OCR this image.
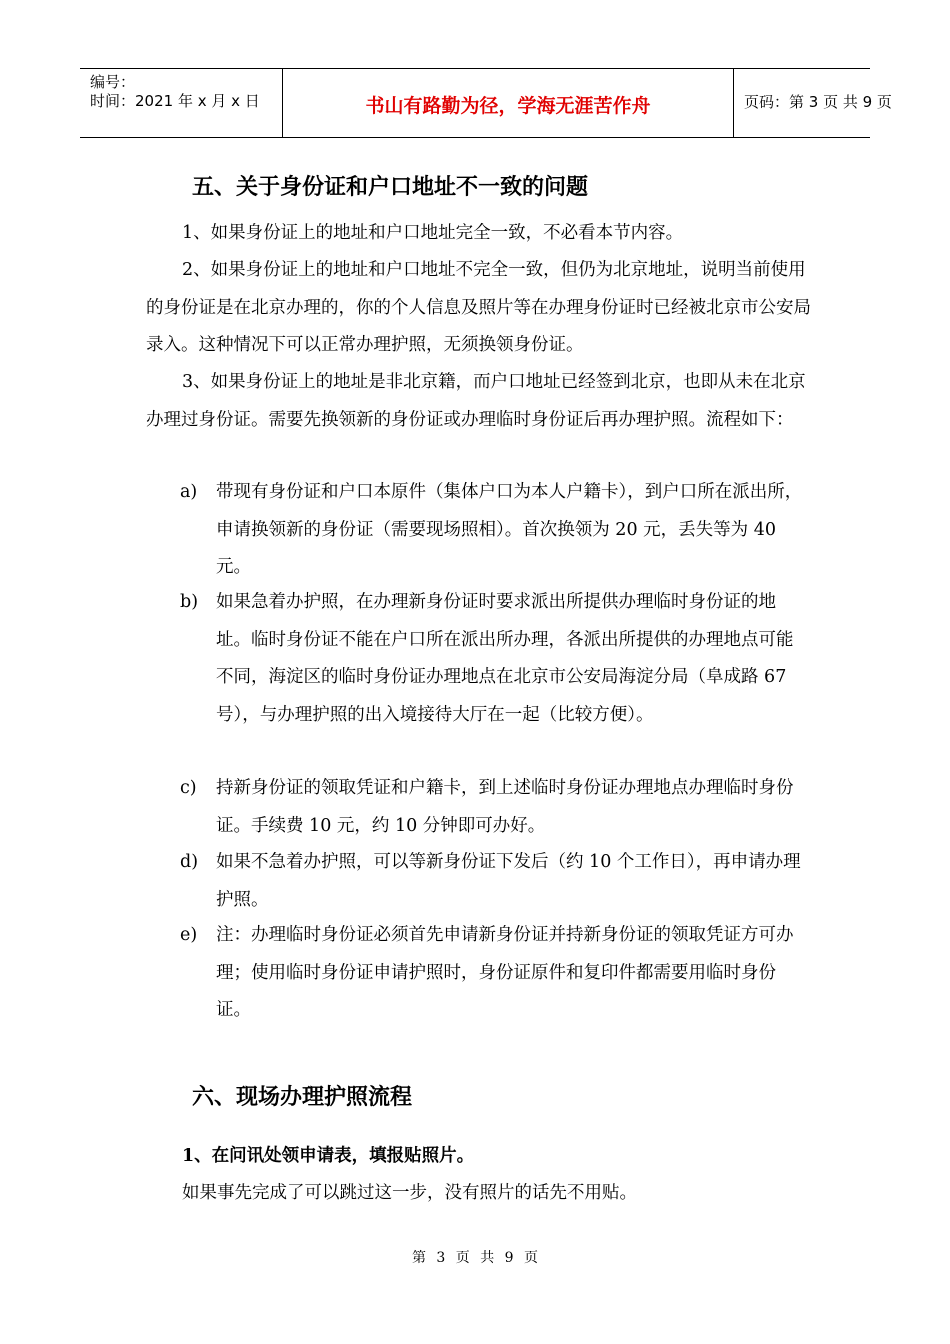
编号：
时间：2021 年 x 月 x 日	书山有路勤为径，学海无涯苦作舟	页码：第 3 页 共 9 页
五、关于身份证和户口地址不一致的问题

1、如果身份证上的地址和户口地址完全一致，不必看本节内容。

2、如果身份证上的地址和户口地址不完全一致，但仍为北京地址，说明当前使用的身份证是在北京办理的，你的个人信息及照片等在办理身份证时已经被北京市公安局录入。这种情况下可以正常办理护照，无须换领身份证。

3、如果身份证上的地址是非北京籍，而户口地址已经签到北京，也即从未在北京办理过身份证。需要先换领新的身份证或办理临时身份证后再办理护照。流程如下：

a) 带现有身份证和户口本原件（集体户口为本人户籍卡），到户口所在派出所，申请换领新的身份证（需要现场照相）。首次换领为 20 元，丢失等为 40 元。

b) 如果急着办护照，在办理新身份证时要求派出所提供办理临时身份证的地址。临时身份证不能在户口所在派出所办理，各派出所提供的办理地点可能不同，海淀区的临时身份证办理地点在北京市公安局海淀分局（阜成路 67 号），与办理护照的出入境接待大厅在一起（比较方便）。

c) 持新身份证的领取凭证和户籍卡，到上述临时身份证办理地点办理临时身份证。手续费 10 元，约 10 分钟即可办好。

d) 如果不急着办护照，可以等新身份证下发后（约 10 个工作日），再申请办理护照。

e) 注：办理临时身份证必须首先申请新身份证并持新身份证的领取凭证方可办理；使用临时身份证申请护照时，身份证原件和复印件都需要用临时身份证。

六、现场办理护照流程
1、在问讯处领申请表，填报贴照片。

如果事先完成了可以跳过这一步，没有照片的话先不用贴。

第 3 页 共 9 页
